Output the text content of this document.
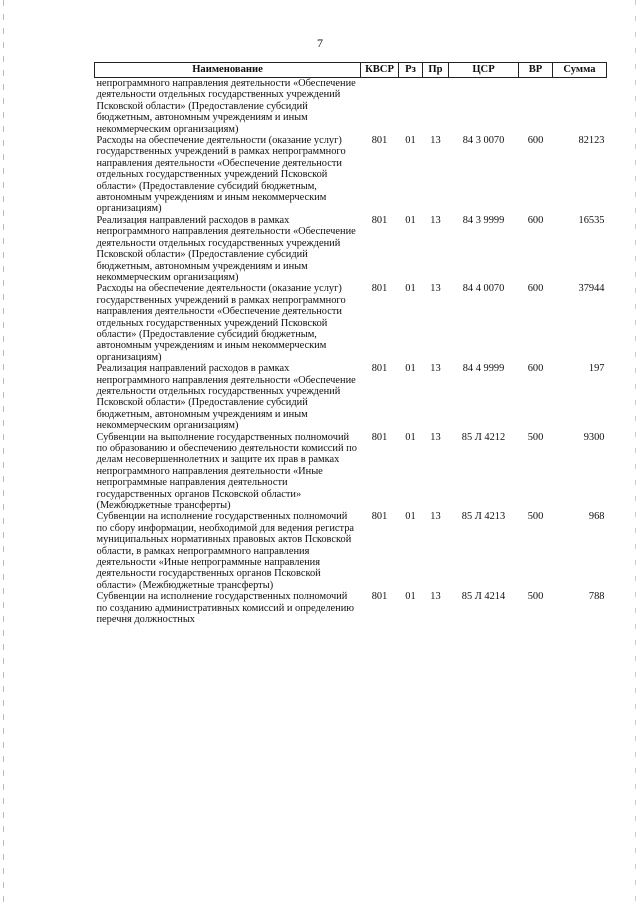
7
Наименование	КВСР	Рз	Пр	ЦСР	ВР	Сумма
непрограммного направления деятельности «Обеспечение деятельности отдельных государственных учреждений Псковской области» (Предоставление субсидий бюджетным, автономным учреждениям и иным некоммерческим организациям)						
Расходы на обеспечение деятельности (оказание услуг) государственных учреждений в рамках непрограммного направления деятельности «Обеспечение деятельности отдельных государственных учреждений Псковской области» (Предоставление субсидий бюджетным, автономным учреждениям и иным некоммерческим организациям)	801	01	13	84 3 0070	600	82123
Реализация направлений расходов в рамках непрограммного направления деятельности «Обеспечение деятельности отдельных государственных учреждений Псковской области» (Предоставление субсидий бюджетным, автономным учреждениям и иным некоммерческим организациям)	801	01	13	84 3 9999	600	16535
Расходы на обеспечение деятельности (оказание услуг) государственных учреждений в рамках непрограммного направления деятельности «Обеспечение деятельности отдельных государственных учреждений Псковской области» (Предоставление субсидий бюджетным, автономным учреждениям и иным некоммерческим организациям)	801	01	13	84 4 0070	600	37944
Реализация направлений расходов в рамках непрограммного направления деятельности «Обеспечение деятельности отдельных государственных учреждений Псковской области» (Предоставление субсидий бюджетным, автономным учреждениям и иным некоммерческим организациям)	801	01	13	84 4 9999	600	197
Субвенции на выполнение государственных полномочий по образованию и обеспечению деятельности комиссий по делам несовершеннолетних и защите их прав в рамках непрограммного направления деятельности «Иные непрограммные направления деятельности государственных органов Псковской области» (Межбюджетные трансферты)	801	01	13	85 Л 4212	500	9300
Субвенции на исполнение государственных полномочий по сбору информации, необходимой для ведения регистра муниципальных нормативных правовых актов Псковской области, в рамках непрограммного направления деятельности «Иные непрограммные направления деятельности государственных органов Псковской области» (Межбюджетные трансферты)	801	01	13	85 Л 4213	500	968
Субвенции на исполнение государственных полномочий по созданию административных комиссий и определению перечня должностных	801	01	13	85 Л 4214	500	788
